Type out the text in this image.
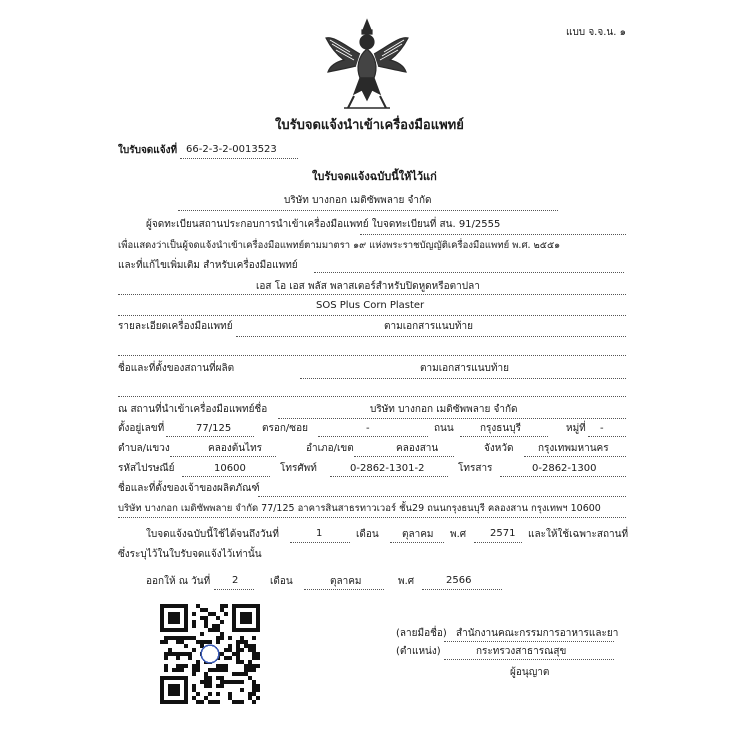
แบบ จ.จ.น. ๑
ใบรับจดแจ้งนำเข้าเครื่องมือแพทย์
ใบรับจดแจ้งที่ 66-2-3-2-0013523
ใบรับจดแจ้งฉบับนี้ให้ไว้แก่
บริษัท บางกอก เมดิซัพพลาย จำกัด
ผู้จดทะเบียนสถานประกอบการนำเข้าเครื่องมือแพทย์ ใบจดทะเบียนที่ สน. 91/2555
เพื่อแสดงว่าเป็นผู้จดแจ้งนำเข้าเครื่องมือแพทย์ตามมาตรา ๑๙ แห่งพระราชบัญญัติเครื่องมือแพทย์ พ.ศ. ๒๕๕๑
และที่แก้ไขเพิ่มเติม สำหรับเครื่องมือแพทย์
เอส โอ เอส พลัส พลาสเตอร์สำหรับปิดหูดหรือตาปลา
SOS Plus Corn Plaster
รายละเอียดเครื่องมือแพทย์	ตามเอกสารแนบท้าย
ชื่อและที่ตั้งของสถานที่ผลิต	ตามเอกสารแนบท้าย
ณ สถานที่นำเข้าเครื่องมือแพทย์ชื่อ	บริษัท บางกอก เมดิซัพพลาย จำกัด
ตั้งอยู่เลขที่	77/125	ตรอก/ซอย	-	ถนน	กรุงธนบุรี	หมู่ที่ -
ตำบล/แขวง	คลองต้นไทร	อำเภอ/เขต	คลองสาน	จังหวัด กรุงเทพมหานคร
รหัสไปรษณีย์	10600	โทรศัพท์	0-2862-1301-2	โทรสาร	0-2862-1300
ชื่อและที่ตั้งของเจ้าของผลิตภัณฑ์
บริษัท บางกอก เมดิซัพพลาย จำกัด 77/125 อาคารสินสาธรทาวเวอร์ ชั้น29 ถนนกรุงธนบุรี คลองสาน กรุงเทพฯ 10600
ใบจดแจ้งฉบับนี้ใช้ได้จนถึงวันที่	1	เดือน ตุลาคม พ.ศ 2571 และให้ใช้เฉพาะสถานที่
ซึ่งระบุไว้ในใบรับจดแจ้งไว้เท่านั้น
ออกให้ ณ วันที่ 2	เดือน	ตุลาคม	พ.ศ	2566
(ลายมือชื่อ) สำนักงานคณะกรรมการอาหารและยา
(ตำแหน่ง)	กระทรวงสาธารณสุข
ผู้อนุญาต
